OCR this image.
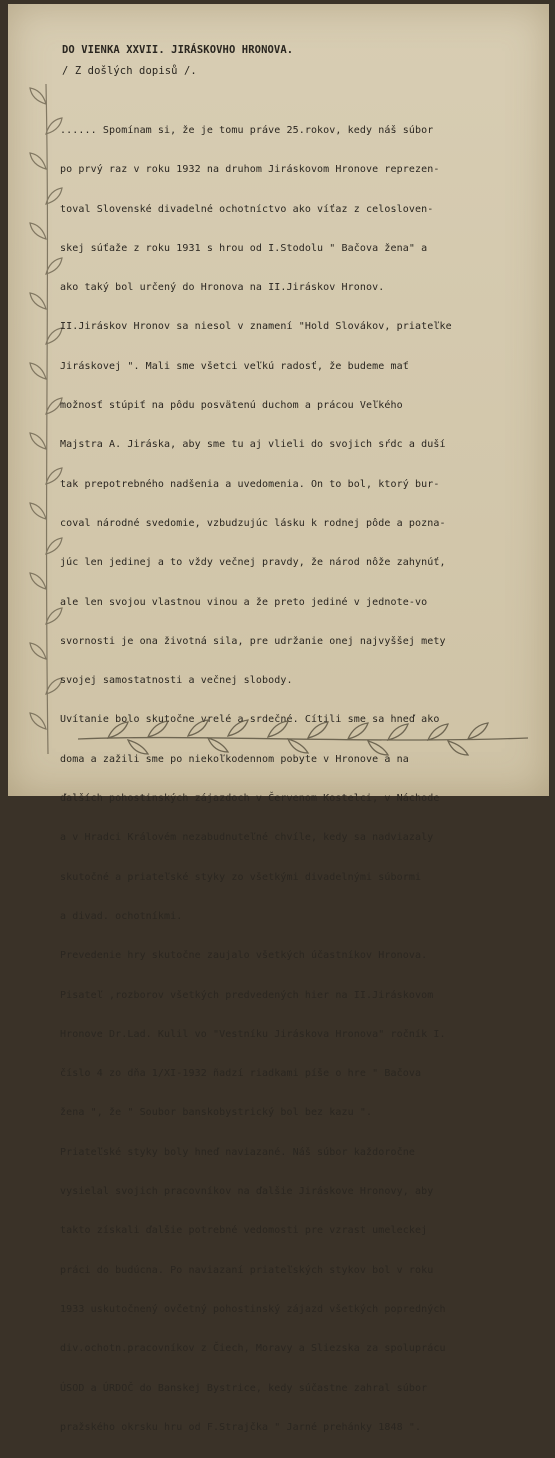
DO VIENKA XXVII. JIRÁSKOVHO HRONOVA.
/ Z došlých dopisů /.

...... Spomínam si, že je tomu práve 25.rokov, kedy náš súbor

po prvý raz v roku 1932 na druhom Jiráskovom Hronove reprezen-

toval Slovenské divadelné ochotníctvo ako víťaz z celosloven-

skej súťaže z roku 1931 s hrou od I.Stodolu " Bačova žena" a

ako taký bol určený do Hronova na II.Jiráskov Hronov.

II.Jiráskov Hronov sa niesol v znamení "Hold Slovákov, priateľke

Jiráskovej ". Mali sme všetci veľkú radosť, že budeme mať

možnosť stúpiť na pôdu posvätenú duchom a prácou Veľkého

Majstra A. Jiráska, aby sme tu aj vlieli do svojich sŕdc a duší

tak prepotrebného nadšenia a uvedomenia. On to bol, ktorý bur-

coval národné svedomie, vzbudzujúc lásku k rodnej pôde a pozna-

júc len jedinej a to vždy večnej pravdy, že národ nôže zahynúť,

ale len svojou vlastnou vinou a že preto jediné v jednote-vo

svornosti je ona životná sila, pre udržanie onej najvyššej mety

svojej samostatnosti a večnej slobody.

Uvítanie bolo skutočne vrelé a srdečné. Cítili sme sa hneď ako

doma a zažili sme po niekoľkodennom pobyte v Hronove a na

ďalších pohostinských zájazdoch v Červenom Kostelci, v Náchode

a v Hradci Královém nezabudnuteľné chvíle, kedy sa nadviazaly

skutočné a priateľské styky zo všetkými divadelnými súbormi

a divad. ochotníkmi.

Prevedenie hry skutočne zaujalo všetkých účastníkov Hronova.

Pisateľ ,rozborov všetkých predvedených hier na II.Jiráskovom

Hronove Dr.Lad. Kulil vo "Vestníku Jiráskova Hronova" ročník I.

číslo 4 zo dňa 1/XI-1932 ñadzí riadkami píše o hre " Bačova

žena ", že " Soubor banskobystrický bol bez kazu ".

Priateľské styky boly hneď naviazané. Náš súbor každoročne

vysielal svojich pracovníkov na ďalšie Jiráskove Hronovy, aby

takto získali ďalšie potrebné vedomosti pre vzrast umeleckej

práci do budúcna. Po naviazaní priateľských stykov bol v roku

1933 uskutočnený ovčetný pohostinský zájazd všetkých popredných

div.ochotn.pracovníkov z Čiech, Moravy a Sliezska za spoluprácu

ÚSOD a ÚRDOČ do Banskej Bystrice, kedy súčastne zahral súbor

pražského okrsku hru od F.Strajčka " Jarné prehánky 1848 ".
